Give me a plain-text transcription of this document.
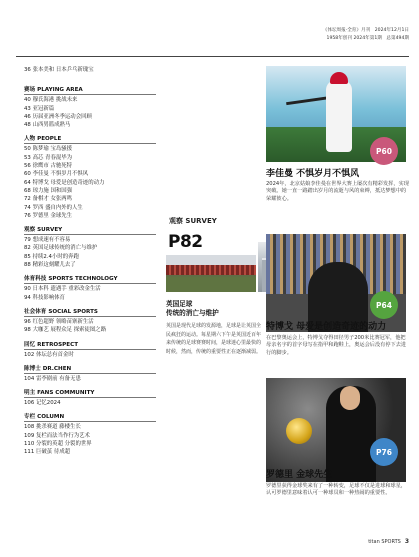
《体坛周报·全育》月刊　2024年12月1日
1958年创刊 2024年第1期　总第494期
36 张本美和 日本乒乓新瑰宝
赛场 PLAYING AREA
40 穆氏海港 挑战未来
43 亚冠新篇
46 历届亚洲冬季运动会回顾
48 山西男篮成熟马
人物 PEOPLE
50 陈梦瑜 宝岛骚援
53 高芯 青春混毕为
56 徐鹰市 古驰死特
60 李佳曼 不惧岁月不惧风
64 特博戈 母爱是创造奇迹的动力
68 琼力施 国和国强
72 备棋才 女张两鸣
74 罗西 盛自内外的人生
76 罗德里 金球先生
观察 SURVEY
79 想成速有不容易
82 英国足球传统的消亡与维护
85 持续2.4小时的奔跑
88 精彩这刻耀儿去了
体育科技 SPORTS TECHNOLOGY
90 日本科 遗遇手 重彩改金生活
94 科技影响体育
社会体育 SOCIAL SPORTS
96 红色超野 领略苗寨新生活
98 大咖艺 展程众足 探索徒图之路
回忆 RETROSPECT
102 体坛总有首金时
陈博士 DR.CHEN
104 雷李剧前 有备无患
明主 FANS COMMUNITY
106 记忆2024
专栏 COLUMN
108 挑杀赛道 藤楼生长
109 复栏而法当作行为艺术
110 分裂的英超 分裂的世界
111 巨破茧 待成超
观察 SURVEY
P82
英国足球
传统的消亡与维护
英国是现代足球的发源地，足球是让英国全民疯狂的运动。每星期六下午是英国近百年来传统的足球赛赛时间，是球迷心里最快的时候，然而，传统的重要性正在逐渐减弱。
P60
李佳曼 不惧岁月不惧风
2024年，北京姑娘李佳曼在世界大赛上屡次有精彩发挥，实现突破。她一直一路踏出岁月的流逝与风的束缚，抵达梦想中的荣耀彼心。
P64
特博戈 母爱是创造奇迹的动力
在巴黎奥运会上，特博戈夺得田径男子200米比赛冠军，他把母亲名字的首字母写在指甲和跑鞋上，奥运会后没有停下去进行的脚步。
P76
罗德里 金球先生
罗德里获得金球奖来有了一种转变，足球不仅是进球和球星，认可罗德里意味着认可一种球员和一种热闹的重要性。
titan SPORTS 3
